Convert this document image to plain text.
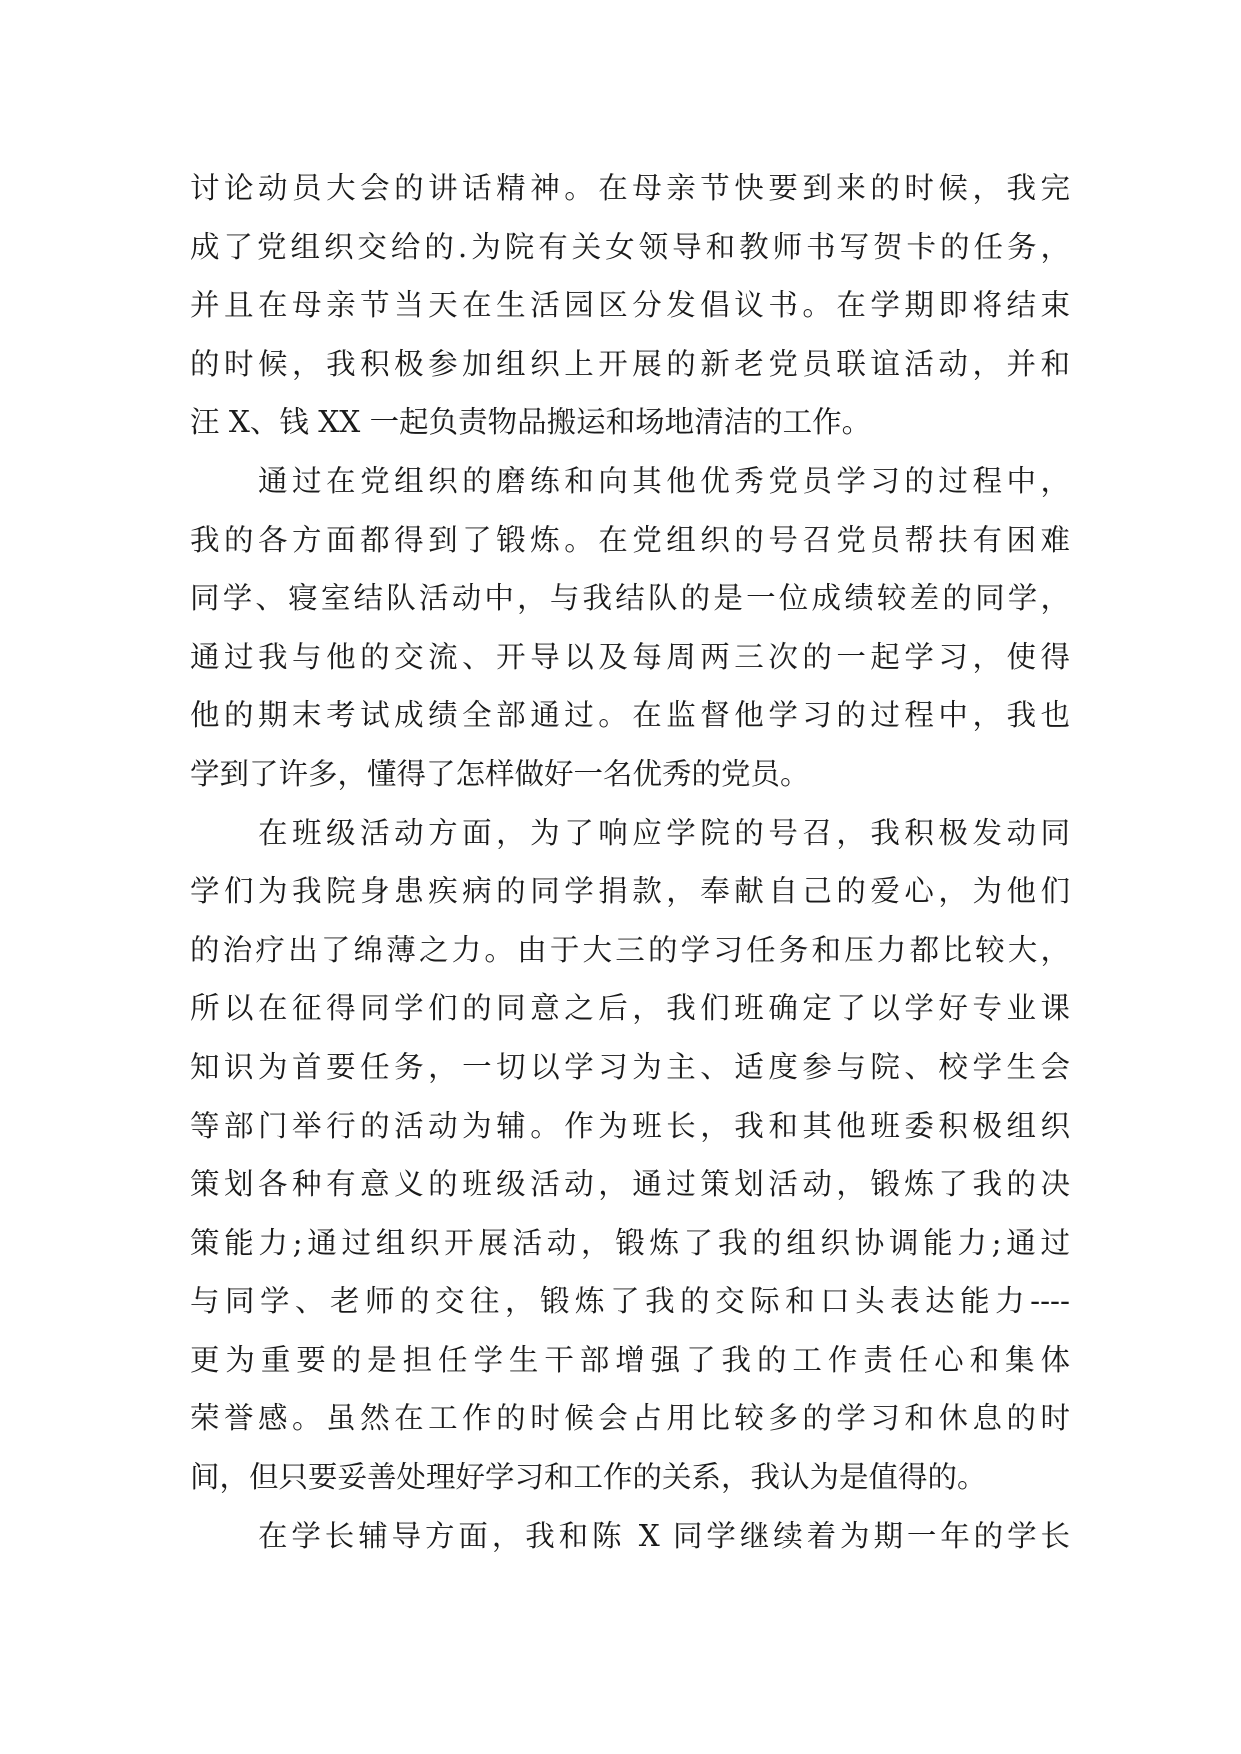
讨论动员大会的讲话精神。在母亲节快要到来的时候，我完
成了党组织交给的.为院有关女领导和教师书写贺卡的任务，
并且在母亲节当天在生活园区分发倡议书。在学期即将结束
的时候，我积极参加组织上开展的新老党员联谊活动，并和
汪 X、钱 XX 一起负责物品搬运和场地清洁的工作。
通过在党组织的磨练和向其他优秀党员学习的过程中，
我的各方面都得到了锻炼。在党组织的号召党员帮扶有困难
同学、寝室结队活动中，与我结队的是一位成绩较差的同学，
通过我与他的交流、开导以及每周两三次的一起学习，使得
他的期末考试成绩全部通过。在监督他学习的过程中，我也
学到了许多，懂得了怎样做好一名优秀的党员。
在班级活动方面，为了响应学院的号召，我积极发动同
学们为我院身患疾病的同学捐款，奉献自己的爱心，为他们
的治疗出了绵薄之力。由于大三的学习任务和压力都比较大，
所以在征得同学们的同意之后，我们班确定了以学好专业课
知识为首要任务，一切以学习为主、适度参与院、校学生会
等部门举行的活动为辅。作为班长，我和其他班委积极组织
策划各种有意义的班级活动，通过策划活动，锻炼了我的决
策能力;通过组织开展活动，锻炼了我的组织协调能力;通过
与同学、老师的交往，锻炼了我的交际和口头表达能力----
更为重要的是担任学生干部增强了我的工作责任心和集体
荣誉感。虽然在工作的时候会占用比较多的学习和休息的时
间，但只要妥善处理好学习和工作的关系，我认为是值得的。
在学长辅导方面，我和陈 X 同学继续着为期一年的学长
